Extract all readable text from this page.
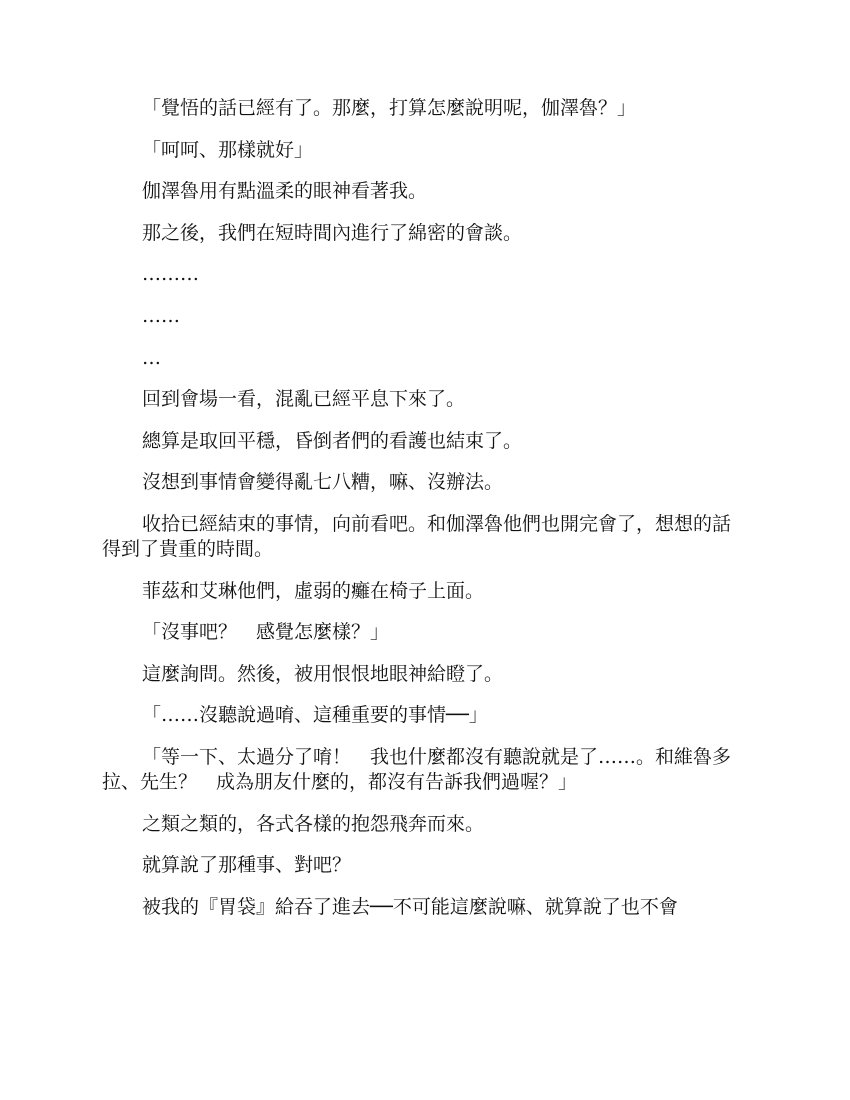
「覺悟的話已經有了。那麼，打算怎麼說明呢，伽澤魯？」

「呵呵、那樣就好」

伽澤魯用有點溫柔的眼神看著我。

那之後，我們在短時間內進行了綿密的會談。

………

……

…

回到會場一看，混亂已經平息下來了。

總算是取回平穩，昏倒者們的看護也結束了。

沒想到事情會變得亂七八糟，嘛、沒辦法。

收拾已經結束的事情，向前看吧。和伽澤魯他們也開完會了，想想的話得到了貴重的時間。

菲茲和艾琳他們，虛弱的癱在椅子上面。

「沒事吧？　感覺怎麼樣？」

這麼詢問。然後，被用恨恨地眼神給瞪了。

「……沒聽說過唷、這種重要的事情──」

「等一下、太過分了唷！　我也什麼都沒有聽說就是了……。和維魯多拉、先生？　成為朋友什麼的，都沒有告訴我們過喔？」

之類之類的，各式各樣的抱怨飛奔而來。

就算說了那種事、對吧？

被我的『胃袋』給吞了進去──不可能這麼說嘛、就算說了也不會
